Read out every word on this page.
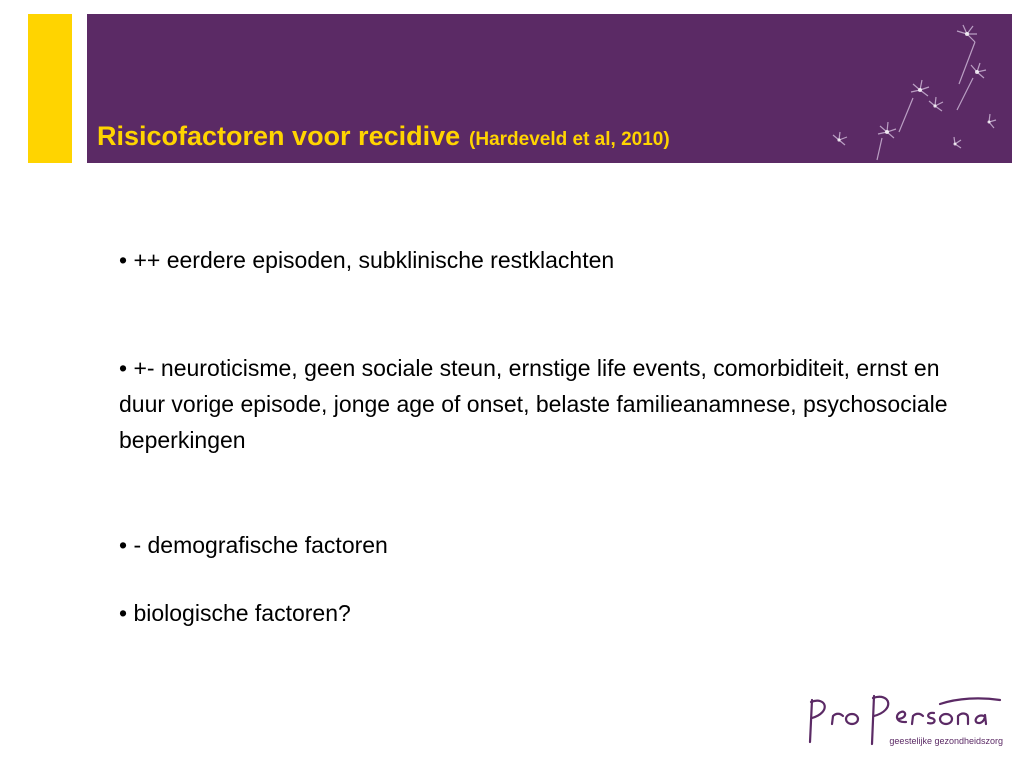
Risicofactoren voor recidive (Hardeveld et al, 2010)

• ++ eerdere episoden, subklinische restklachten

• +- neuroticisme, geen sociale steun, ernstige life events, comorbiditeit, ernst en duur vorige episode, jonge age of onset, belaste familieanamnese, psychosociale beperkingen

• - demografische factoren

• biologische factoren?

geestelijke gezondheidszorg
